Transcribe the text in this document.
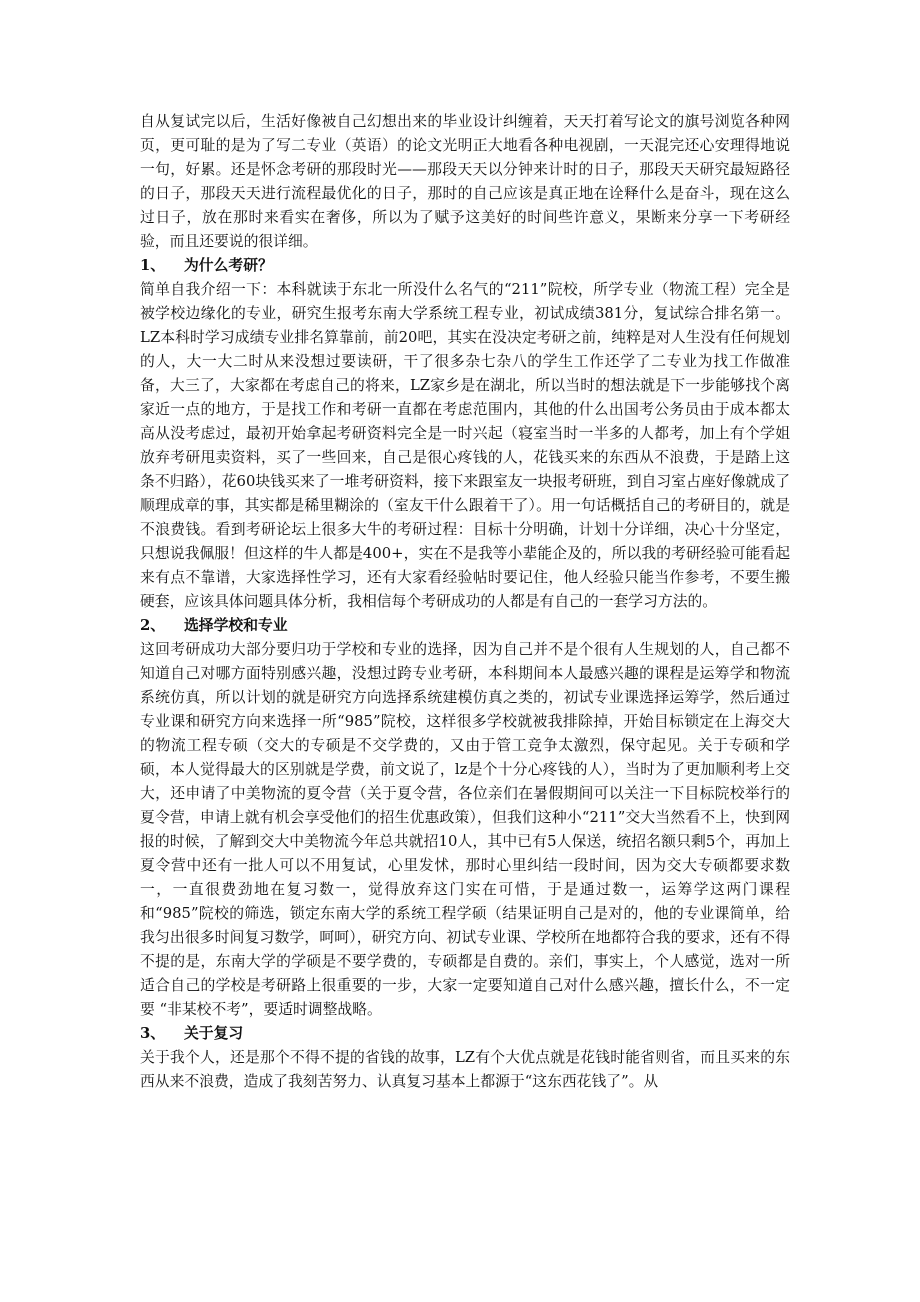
自从复试完以后，生活好像被自己幻想出来的毕业设计纠缠着，天天打着写论文的旗号浏览各种网页，更可耻的是为了写二专业（英语）的论文光明正大地看各种电视剧，一天混完还心安理得地说一句，好累。还是怀念考研的那段时光——那段天天以分钟来计时的日子，那段天天研究最短路径的日子，那段天天进行流程最优化的日子，那时的自己应该是真正地在诠释什么是奋斗，现在这么过日子，放在那时来看实在奢侈，所以为了赋予这美好的时间些许意义，果断来分享一下考研经验，而且还要说的很详细。

1、 为什么考研？

简单自我介绍一下：本科就读于东北一所没什么名气的“211”院校，所学专业（物流工程）完全是被学校边缘化的专业，研究生报考东南大学系统工程专业，初试成绩381分，复试综合排名第一。LZ本科时学习成绩专业排名算靠前，前20吧，其实在没决定考研之前，纯粹是对人生没有任何规划的人，大一大二时从来没想过要读研，干了很多杂七杂八的学生工作还学了二专业为找工作做准备，大三了，大家都在考虑自己的将来，LZ家乡是在湖北，所以当时的想法就是下一步能够找个离家近一点的地方，于是找工作和考研一直都在考虑范围内，其他的什么出国考公务员由于成本都太高从没考虑过，最初开始拿起考研资料完全是一时兴起（寝室当时一半多的人都考，加上有个学姐放弃考研甩卖资料，买了一些回来，自己是很心疼钱的人，花钱买来的东西从不浪费，于是踏上这条不归路），花60块钱买来了一堆考研资料，接下来跟室友一块报考研班，到自习室占座好像就成了顺理成章的事，其实都是稀里糊涂的（室友干什么跟着干了）。用一句话概括自己的考研目的，就是不浪费钱。看到考研论坛上很多大牛的考研过程：目标十分明确，计划十分详细，决心十分坚定，只想说我佩服！但这样的牛人都是400+，实在不是我等小辈能企及的，所以我的考研经验可能看起来有点不靠谱，大家选择性学习，还有大家看经验帖时要记住，他人经验只能当作参考，不要生搬硬套，应该具体问题具体分析，我相信每个考研成功的人都是有自己的一套学习方法的。

2、 选择学校和专业

这回考研成功大部分要归功于学校和专业的选择，因为自己并不是个很有人生规划的人，自己都不知道自己对哪方面特别感兴趣，没想过跨专业考研，本科期间本人最感兴趣的课程是运筹学和物流系统仿真，所以计划的就是研究方向选择系统建模仿真之类的，初试专业课选择运筹学，然后通过专业课和研究方向来选择一所“985”院校，这样很多学校就被我排除掉，开始目标锁定在上海交大的物流工程专硕（交大的专硕是不交学费的，又由于管工竞争太激烈，保守起见。关于专硕和学硕，本人觉得最大的区别就是学费，前文说了，lz是个十分心疼钱的人），当时为了更加顺利考上交大，还申请了中美物流的夏令营（关于夏令营，各位亲们在暑假期间可以关注一下目标院校举行的夏令营，申请上就有机会享受他们的招生优惠政策），但我们这种小“211”交大当然看不上，快到网报的时候，了解到交大中美物流今年总共就招10人，其中已有5人保送，统招名额只剩5个，再加上夏令营中还有一批人可以不用复试，心里发怵，那时心里纠结一段时间，因为交大专硕都要求数一，一直很费劲地在复习数一，觉得放弃这门实在可惜，于是通过数一，运筹学这两门课程和“985”院校的筛选，锁定东南大学的系统工程学硕（结果证明自己是对的，他的专业课简单，给我匀出很多时间复习数学，呵呵），研究方向、初试专业课、学校所在地都符合我的要求，还有不得不提的是，东南大学的学硕是不要学费的，专硕都是自费的。亲们，事实上，个人感觉，选对一所适合自己的学校是考研路上很重要的一步，大家一定要知道自己对什么感兴趣，擅长什么，不一定要 “非某校不考”，要适时调整战略。

3、 关于复习

关于我个人，还是那个不得不提的省钱的故事，LZ有个大优点就是花钱时能省则省，而且买来的东西从来不浪费，造成了我刻苦努力、认真复习基本上都源于“这东西花钱了”。从
